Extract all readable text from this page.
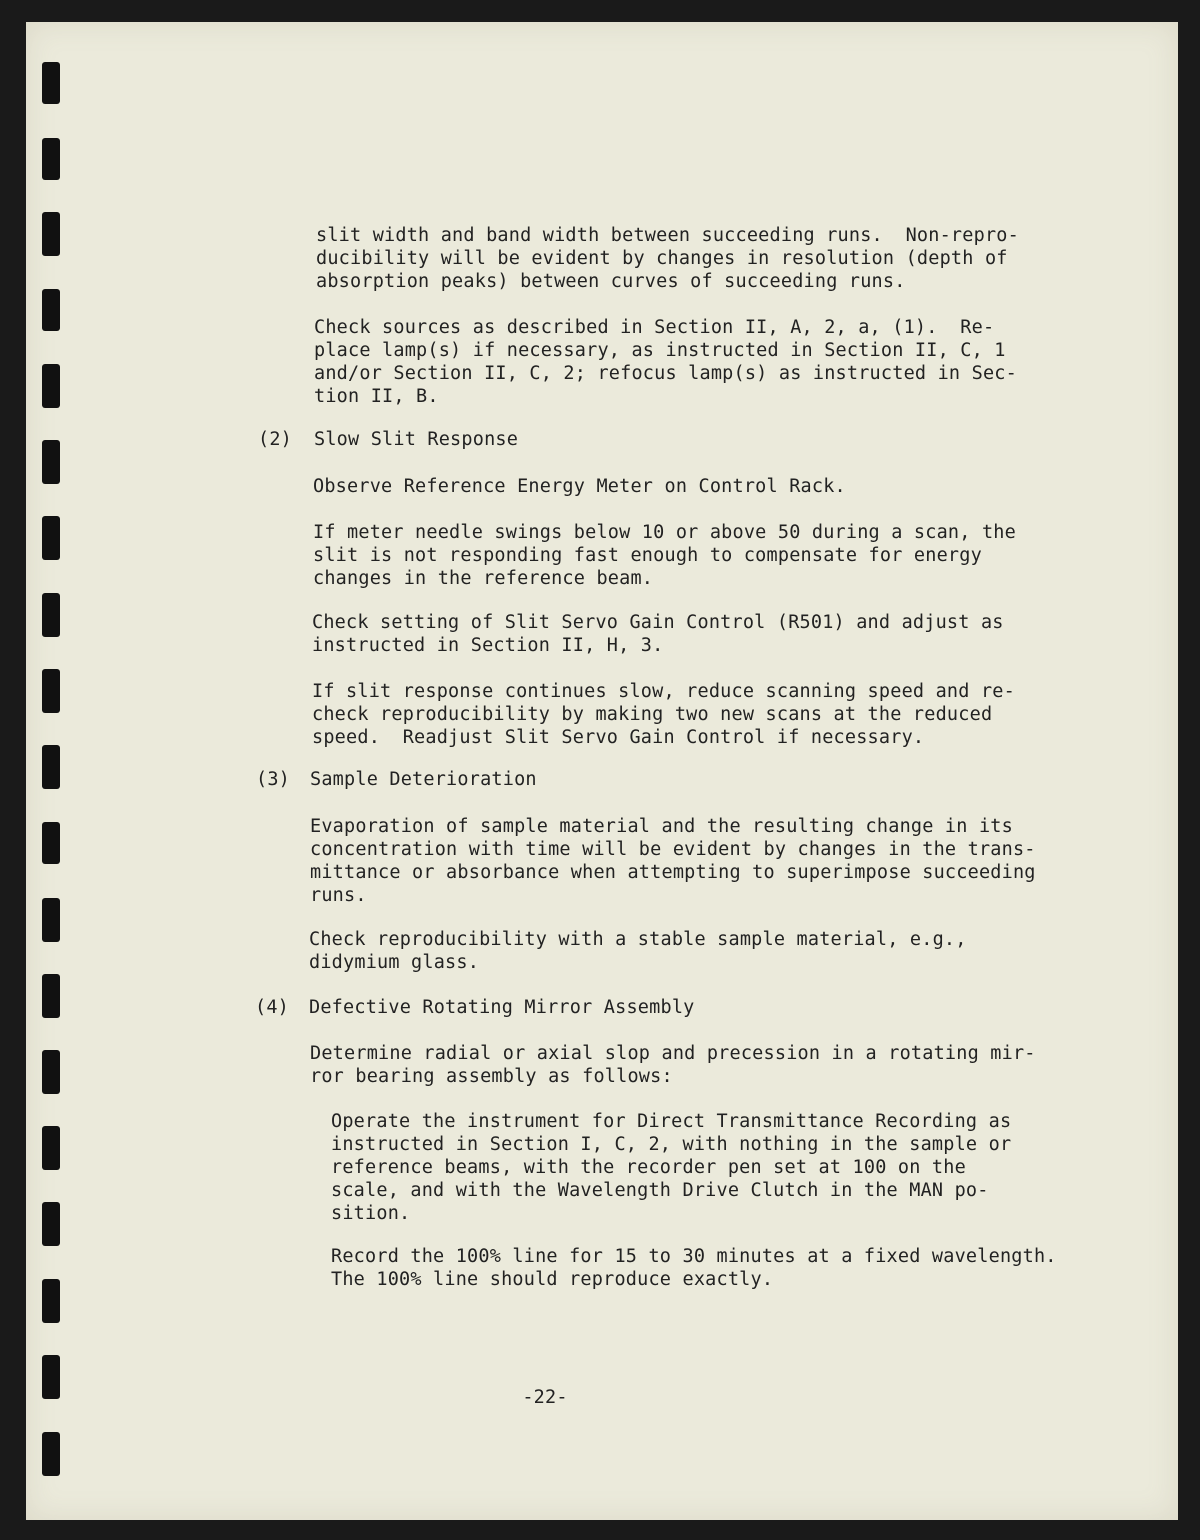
slit width and band width between succeeding runs.  Non-repro-
ducibility will be evident by changes in resolution (depth of
absorption peaks) between curves of succeeding runs.

Check sources as described in Section II, A, 2, a, (1).  Re-
place lamp(s) if necessary, as instructed in Section II, C, 1
and/or Section II, C, 2; refocus lamp(s) as instructed in Sec-
tion II, B.

(2) Slow Slit Response

Observe Reference Energy Meter on Control Rack.

If meter needle swings below 10 or above 50 during a scan, the
slit is not responding fast enough to compensate for energy
changes in the reference beam.

Check setting of Slit Servo Gain Control (R501) and adjust as
instructed in Section II, H, 3.

If slit response continues slow, reduce scanning speed and re-
check reproducibility by making two new scans at the reduced
speed.  Readjust Slit Servo Gain Control if necessary.

(3) Sample Deterioration

Evaporation of sample material and the resulting change in its
concentration with time will be evident by changes in the trans-
mittance or absorbance when attempting to superimpose succeeding
runs.

Check reproducibility with a stable sample material, e.g.,
didymium glass.

(4) Defective Rotating Mirror Assembly

Determine radial or axial slop and precession in a rotating mir-
ror bearing assembly as follows:

Operate the instrument for Direct Transmittance Recording as
instructed in Section I, C, 2, with nothing in the sample or
reference beams, with the recorder pen set at 100 on the
scale, and with the Wavelength Drive Clutch in the MAN po-
sition.

Record the 100% line for 15 to 30 minutes at a fixed wavelength.
The 100% line should reproduce exactly.

-22-
